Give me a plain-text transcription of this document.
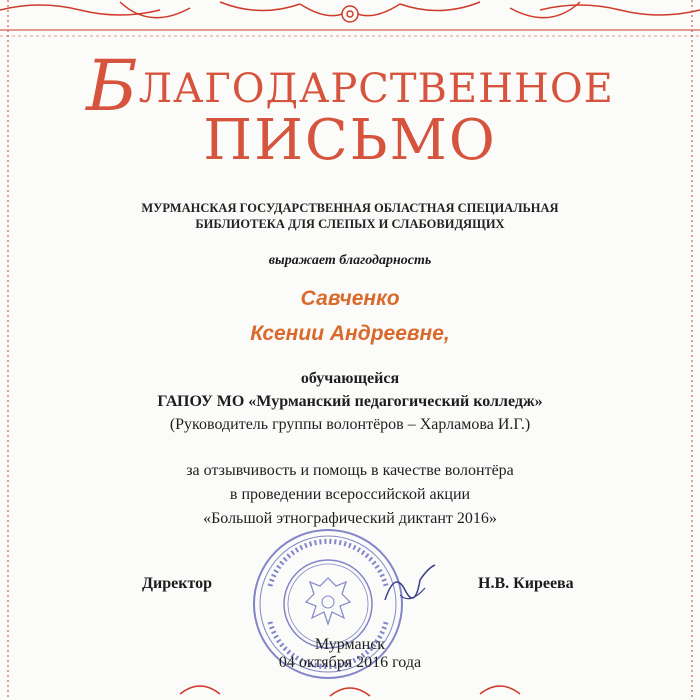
БЛАГОДАРСТВЕННОЕ
ПИСЬМО
МУРМАНСКАЯ ГОСУДАРСТВЕННАЯ ОБЛАСТНАЯ СПЕЦИАЛЬНАЯ
БИБЛИОТЕКА ДЛЯ СЛЕПЫХ И СЛАБОВИДЯЩИХ
выражает благодарность
Савченко
Ксении Андреевне,
обучающейся
ГАПОУ МО «Мурманский педагогический колледж»
(Руководитель группы волонтёров – Харламова И.Г.)
за отзывчивость и помощь в качестве волонтёра
в проведении всероссийской акции
«Большой этнографический диктант 2016»
Директор	Н.В. Киреева
Мурманск
04 октября 2016 года
